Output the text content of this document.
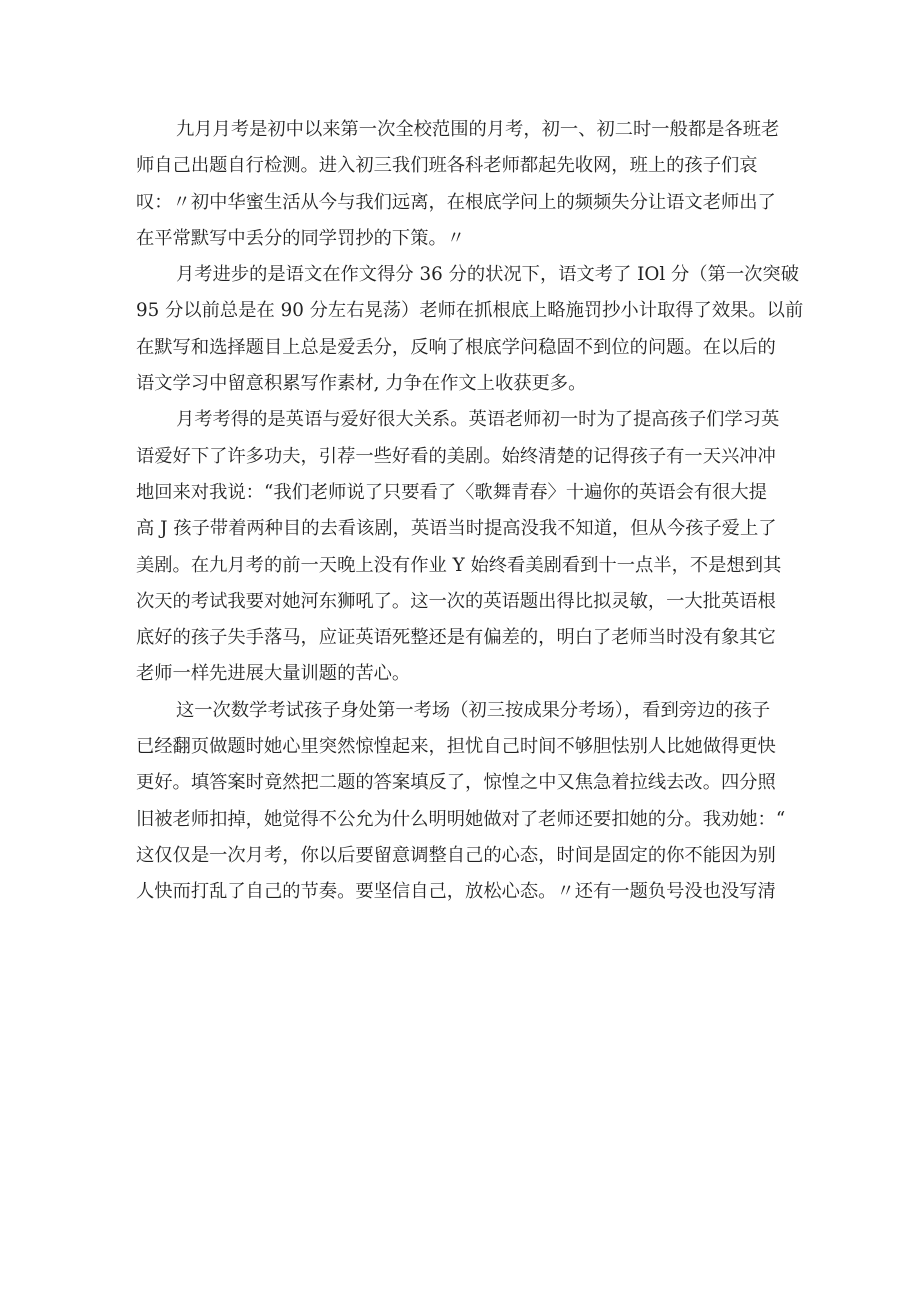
九月月考是初中以来第一次全校范围的月考，初一、初二时一般都是各班老
师自己出题自行检测。进入初三我们班各科老师都起先收网，班上的孩子们哀
叹：〃初中华蜜生活从今与我们远离，在根底学问上的频频失分让语文老师出了
在平常默写中丢分的同学罚抄的下策。〃
月考进步的是语文在作文得分 36 分的状况下，语文考了 IOl 分（第一次突破
95 分以前总是在 90 分左右晃荡）老师在抓根底上略施罚抄小计取得了效果。以前
在默写和选择题目上总是爱丢分，反响了根底学问稳固不到位的问题。在以后的
语文学习中留意积累写作素材, 力争在作文上收获更多。
月考考得的是英语与爱好很大关系。英语老师初一时为了提高孩子们学习英
语爱好下了许多功夫，引荐一些好看的美剧。始终清楚的记得孩子有一天兴冲冲
地回来对我说：“我们老师说了只要看了〈歌舞青春〉十遍你的英语会有很大提
高 J 孩子带着两种目的去看该剧，英语当时提高没我不知道，但从今孩子爱上了
美剧。在九月考的前一天晚上没有作业 Y 始终看美剧看到十一点半，不是想到其
次天的考试我要对她河东狮吼了。这一次的英语题出得比拟灵敏，一大批英语根
底好的孩子失手落马，应证英语死整还是有偏差的，明白了老师当时没有象其它
老师一样先进展大量训题的苦心。
这一次数学考试孩子身处第一考场（初三按成果分考场），看到旁边的孩子
已经翻页做题时她心里突然惊惶起来，担忧自己时间不够胆怯别人比她做得更快
更好。填答案时竟然把二题的答案填反了，惊惶之中又焦急着拉线去改。四分照
旧被老师扣掉，她觉得不公允为什么明明她做对了老师还要扣她的分。我劝她：“
这仅仅是一次月考，你以后要留意调整自己的心态，时间是固定的你不能因为别
人快而打乱了自己的节奏。要坚信自己，放松心态。〃还有一题负号没也没写清
